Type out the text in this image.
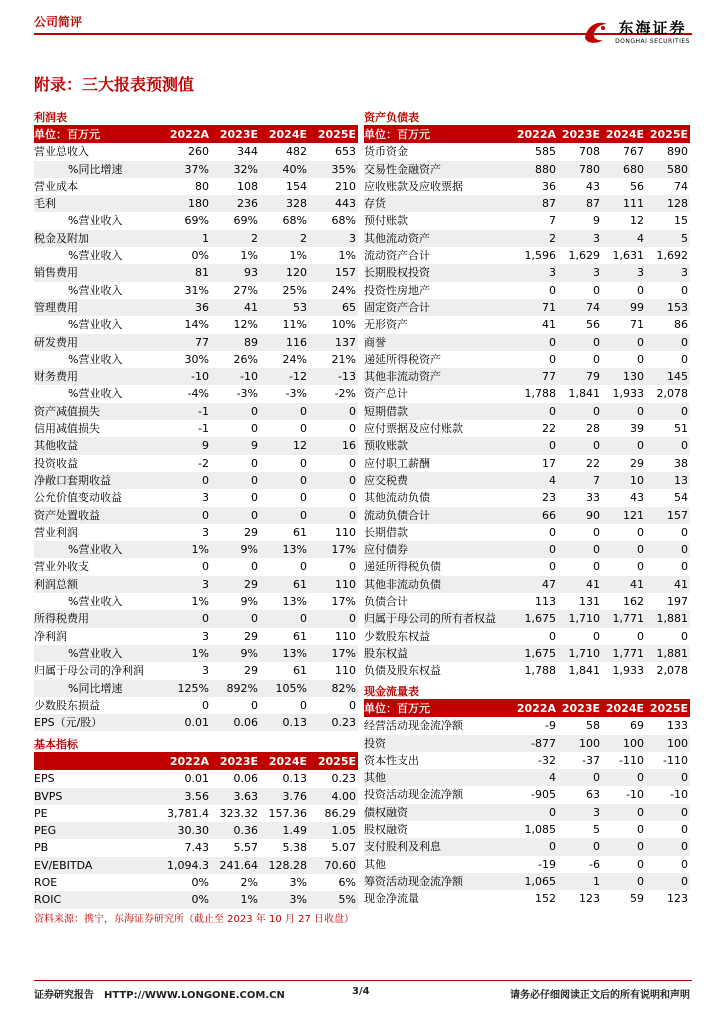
公司简评	东海证券
DONGHAI SECURITIES
附录：三大报表预测值
利润表
单位：百万元	2022A	2023E	2024E	2025E
营业总收入	260	344	482	653
%同比增速	37%	32%	40%	35%
营业成本	80	108	154	210
毛利	180	236	328	443
%营业收入	69%	69%	68%	68%
税金及附加	1	2	2	3
%营业收入	0%	1%	1%	1%
销售费用	81	93	120	157
%营业收入	31%	27%	25%	24%
管理费用	36	41	53	65
%营业收入	14%	12%	11%	10%
研发费用	77	89	116	137
%营业收入	30%	26%	24%	21%
财务费用	-10	-10	-12	-13
%营业收入	-4%	-3%	-3%	-2%
资产减值损失	-1	0	0	0
信用减值损失	-1	0	0	0
其他收益	9	9	12	16
投资收益	-2	0	0	0
净敞口套期收益	0	0	0	0
公允价值变动收益	3	0	0	0
资产处置收益	0	0	0	0
营业利润	3	29	61	110
%营业收入	1%	9%	13%	17%
营业外收支	0	0	0	0
利润总额	3	29	61	110
%营业收入	1%	9%	13%	17%
所得税费用	0	0	0	0
净利润	3	29	61	110
%营业收入	1%	9%	13%	17%
归属于母公司的净利润	3	29	61	110
%同比增速	125%	892%	105%	82%
少数股东损益	0	0	0	0
EPS（元/股）	0.01	0.06	0.13	0.23
基本指标
	2022A	2023E	2024E	2025E
EPS	0.01	0.06	0.13	0.23
BVPS	3.56	3.63	3.76	4.00
PE	3,781.4	323.32	157.36	86.29
PEG	30.30	0.36	1.49	1.05
PB	7.43	5.57	5.38	5.07
EV/EBITDA	1,094.3	241.64	128.28	70.60
ROE	0%	2%	3%	6%
ROIC	0%	1%	3%	5%
资产负债表
单位：百万元	2022A	2023E	2024E	2025E
货币资金	585	708	767	890
交易性金融资产	880	780	680	580
应收账款及应收票据	36	43	56	74
存货	87	87	111	128
预付账款	7	9	12	15
其他流动资产	2	3	4	5
流动资产合计	1,596	1,629	1,631	1,692
长期股权投资	3	3	3	3
投资性房地产	0	0	0	0
固定资产合计	71	74	99	153
无形资产	41	56	71	86
商誉	0	0	0	0
递延所得税资产	0	0	0	0
其他非流动资产	77	79	130	145
资产总计	1,788	1,841	1,933	2,078
短期借款	0	0	0	0
应付票据及应付账款	22	28	39	51
预收账款	0	0	0	0
应付职工薪酬	17	22	29	38
应交税费	4	7	10	13
其他流动负债	23	33	43	54
流动负债合计	66	90	121	157
长期借款	0	0	0	0
应付债券	0	0	0	0
递延所得税负债	0	0	0	0
其他非流动负债	47	41	41	41
负债合计	113	131	162	197
归属于母公司的所有者权益	1,675	1,710	1,771	1,881
少数股东权益	0	0	0	0
股东权益	1,675	1,710	1,771	1,881
负债及股东权益	1,788	1,841	1,933	2,078
现金流量表
单位：百万元	2022A	2023E	2024E	2025E
经营活动现金流净额	-9	58	69	133
投资	-877	100	100	100
资本性支出	-32	-37	-110	-110
其他	4	0	0	0
投资活动现金流净额	-905	63	-10	-10
债权融资	0	3	0	0
股权融资	1,085	5	0	0
支付股利及利息	0	0	0	0
其他	-19	-6	0	0
筹资活动现金流净额	1,065	1	0	0
现金净流量	152	123	59	123
资料来源：携宁，东海证券研究所（截止至 2023 年 10 月 27 日收盘）
证券研究报告　HTTP://WWW.LONGONE.COM.CN	3/4	请务必仔细阅读正文后的所有说明和声明
